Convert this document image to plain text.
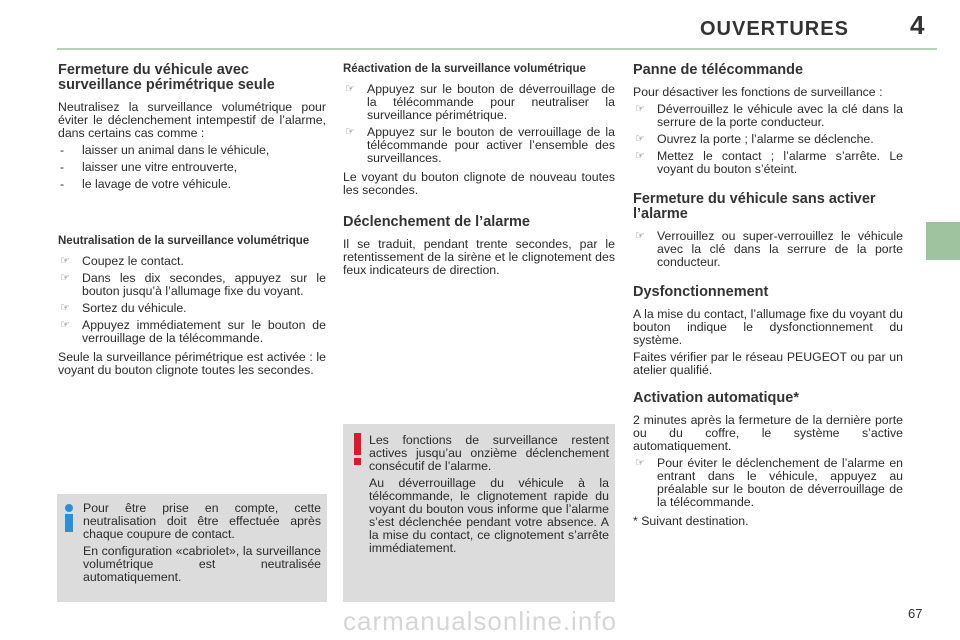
OUVERTURES 4
Fermeture du véhicule avec surveillance périmétrique seule

Neutralisez la surveillance volumétrique pour éviter le déclenchement intempestif de l’alarme, dans certains cas comme :

- laisser un animal dans le véhicule,
- laisser une vitre entrouverte,
- le lavage de votre véhicule.
Neutralisation de la surveillance volumétrique
☞ Coupez le contact.
☞ Dans les dix secondes, appuyez sur le bouton jusqu’à l’allumage fixe du voyant.
☞ Sortez du véhicule.
☞ Appuyez immédiatement sur le bouton de verrouillage de la télécommande.

Seule la surveillance périmétrique est activée : le voyant du bouton clignote toutes les secondes.

Pour être prise en compte, cette neutralisation doit être effectuée après chaque coupure de contact.

En configuration «cabriolet», la surveillance volumétrique est neutralisée automatiquement.

Réactivation de la surveillance volumétrique
☞ Appuyez sur le bouton de déverrouillage de la télécommande pour neutraliser la surveillance périmétrique.
☞ Appuyez sur le bouton de verrouillage de la télécommande pour activer l’ensemble des surveillances.

Le voyant du bouton clignote de nouveau toutes les secondes.

Déclenchement de l’alarme

Il se traduit, pendant trente secondes, par le retentissement de la sirène et le clignotement des feux indicateurs de direction.

Les fonctions de surveillance restent actives jusqu’au onzième déclenchement consécutif de l’alarme.

Au déverrouillage du véhicule à la télécommande, le clignotement rapide du voyant du bouton vous informe que l’alarme s’est déclenchée pendant votre absence. A la mise du contact, ce clignotement s’arrête immédiatement.

Panne de télécommande

Pour désactiver les fonctions de surveillance :

☞ Déverrouillez le véhicule avec la clé dans la serrure de la porte conducteur.
☞ Ouvrez la porte ; l’alarme se déclenche.
☞ Mettez le contact ; l’alarme s’arrête. Le voyant du bouton s’éteint.
Fermeture du véhicule sans activer l’alarme
☞ Verrouillez ou super-verrouillez le véhicule avec la clé dans la serrure de la porte conducteur.
Dysfonctionnement

A la mise du contact, l’allumage fixe du voyant du bouton indique le dysfonctionnement du système.

Faites vérifier par le réseau PEUGEOT ou par un atelier qualifié.

Activation automatique*

2 minutes après la fermeture de la dernière porte ou du coffre, le système s’active automatiquement.

☞ Pour éviter le déclenchement de l’alarme en entrant dans le véhicule, appuyez au préalable sur le bouton de déverrouillage de la télécommande.

* Suivant destination.

67
carmanualsonline.info
